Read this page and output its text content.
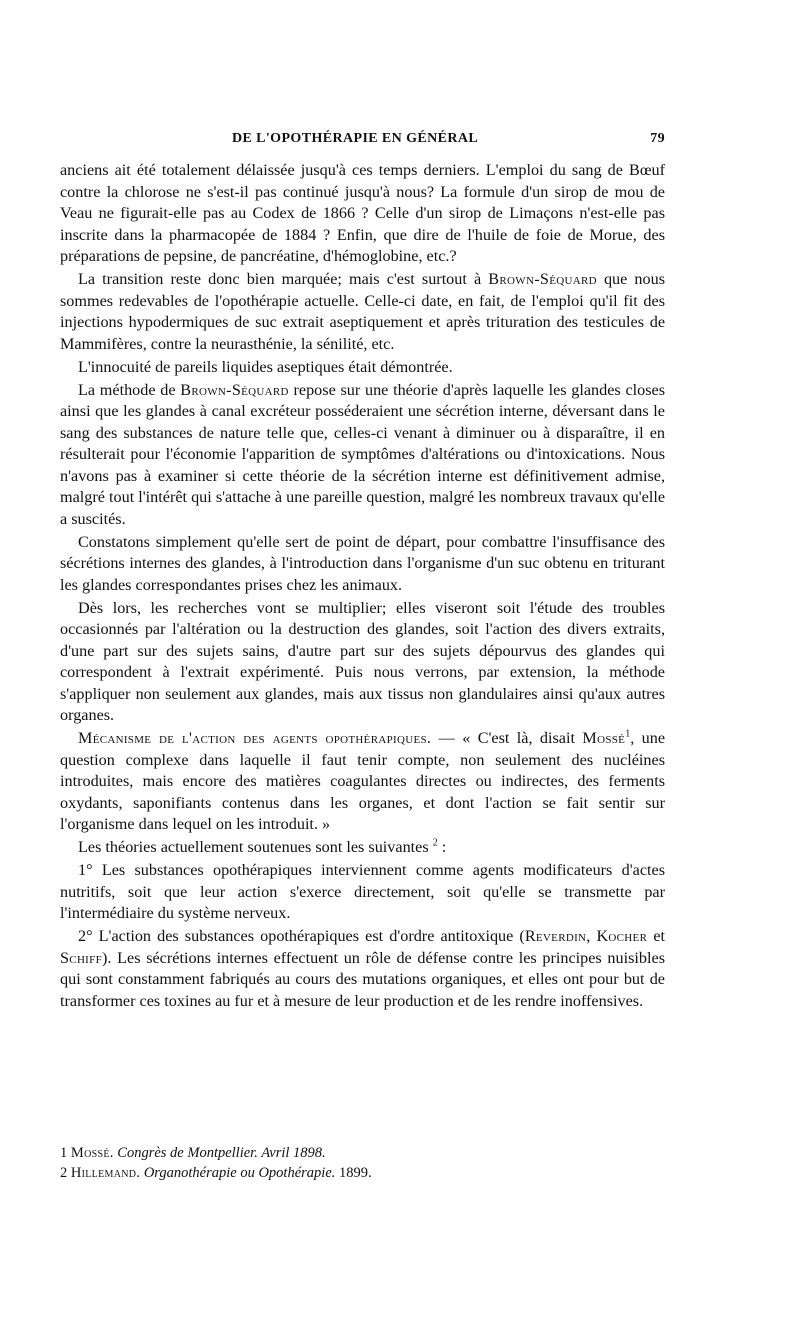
DE L'OPOTHÉRAPIE EN GÉNÉRAL	79

anciens ait été totalement délaissée jusqu'à ces temps derniers. L'emploi du sang de Bœuf contre la chlorose ne s'est-il pas continué jusqu'à nous? La formule d'un sirop de mou de Veau ne figurait-elle pas au Codex de 1866 ? Celle d'un sirop de Limaçons n'est-elle pas inscrite dans la pharmacopée de 1884 ? Enfin, que dire de l'huile de foie de Morue, des préparations de pepsine, de pancréatine, d'hémoglobine, etc.?

La transition reste donc bien marquée; mais c'est surtout à Brown-Séquard que nous sommes redevables de l'opothérapie actuelle. Celle-ci date, en fait, de l'emploi qu'il fit des injections hypodermiques de suc extrait aseptiquement et après trituration des testicules de Mammifères, contre la neurasthénie, la sénilité, etc.

L'innocuité de pareils liquides aseptiques était démontrée.

La méthode de Brown-Séquard repose sur une théorie d'après laquelle les glandes closes ainsi que les glandes à canal excréteur posséderaient une sécrétion interne, déversant dans le sang des substances de nature telle que, celles-ci venant à diminuer ou à disparaître, il en résulterait pour l'économie l'apparition de symptômes d'altérations ou d'intoxications. Nous n'avons pas à examiner si cette théorie de la sécrétion interne est définitivement admise, malgré tout l'intérêt qui s'attache à une pareille question, malgré les nombreux travaux qu'elle a suscités.

Constatons simplement qu'elle sert de point de départ, pour combattre l'insuffisance des sécrétions internes des glandes, à l'introduction dans l'organisme d'un suc obtenu en triturant les glandes correspondantes prises chez les animaux.

Dès lors, les recherches vont se multiplier; elles viseront soit l'étude des troubles occasionnés par l'altération ou la destruction des glandes, soit l'action des divers extraits, d'une part sur des sujets sains, d'autre part sur des sujets dépourvus des glandes qui correspondent à l'extrait expérimenté. Puis nous verrons, par extension, la méthode s'appliquer non seulement aux glandes, mais aux tissus non glandulaires ainsi qu'aux autres organes.

Mécanisme de l'action des agents opothérapiques. — « C'est là, disait Mossé$^1$, une question complexe dans laquelle il faut tenir compte, non seulement des nucléines introduites, mais encore des matières coagulantes directes ou indirectes, des ferments oxydants, saponifiants contenus dans les organes, et dont l'action se fait sentir sur l'organisme dans lequel on les introduit. »

Les théories actuellement soutenues sont les suivantes $^2$ :

1° Les substances opothérapiques interviennent comme agents modificateurs d'actes nutritifs, soit que leur action s'exerce directement, soit qu'elle se transmette par l'intermédiaire du système nerveux.

2° L'action des substances opothérapiques est d'ordre antitoxique (Reverdin, Kocher et Schiff). Les sécrétions internes effectuent un rôle de défense contre les principes nuisibles qui sont constamment fabriqués au cours des mutations organiques, et elles ont pour but de transformer ces toxines au fur et à mesure de leur production et de les rendre inoffensives.

1 Mossé. Congrès de Montpellier. Avril 1898.

2 Hillemand. Organothérapie ou Opothérapie. 1899.
